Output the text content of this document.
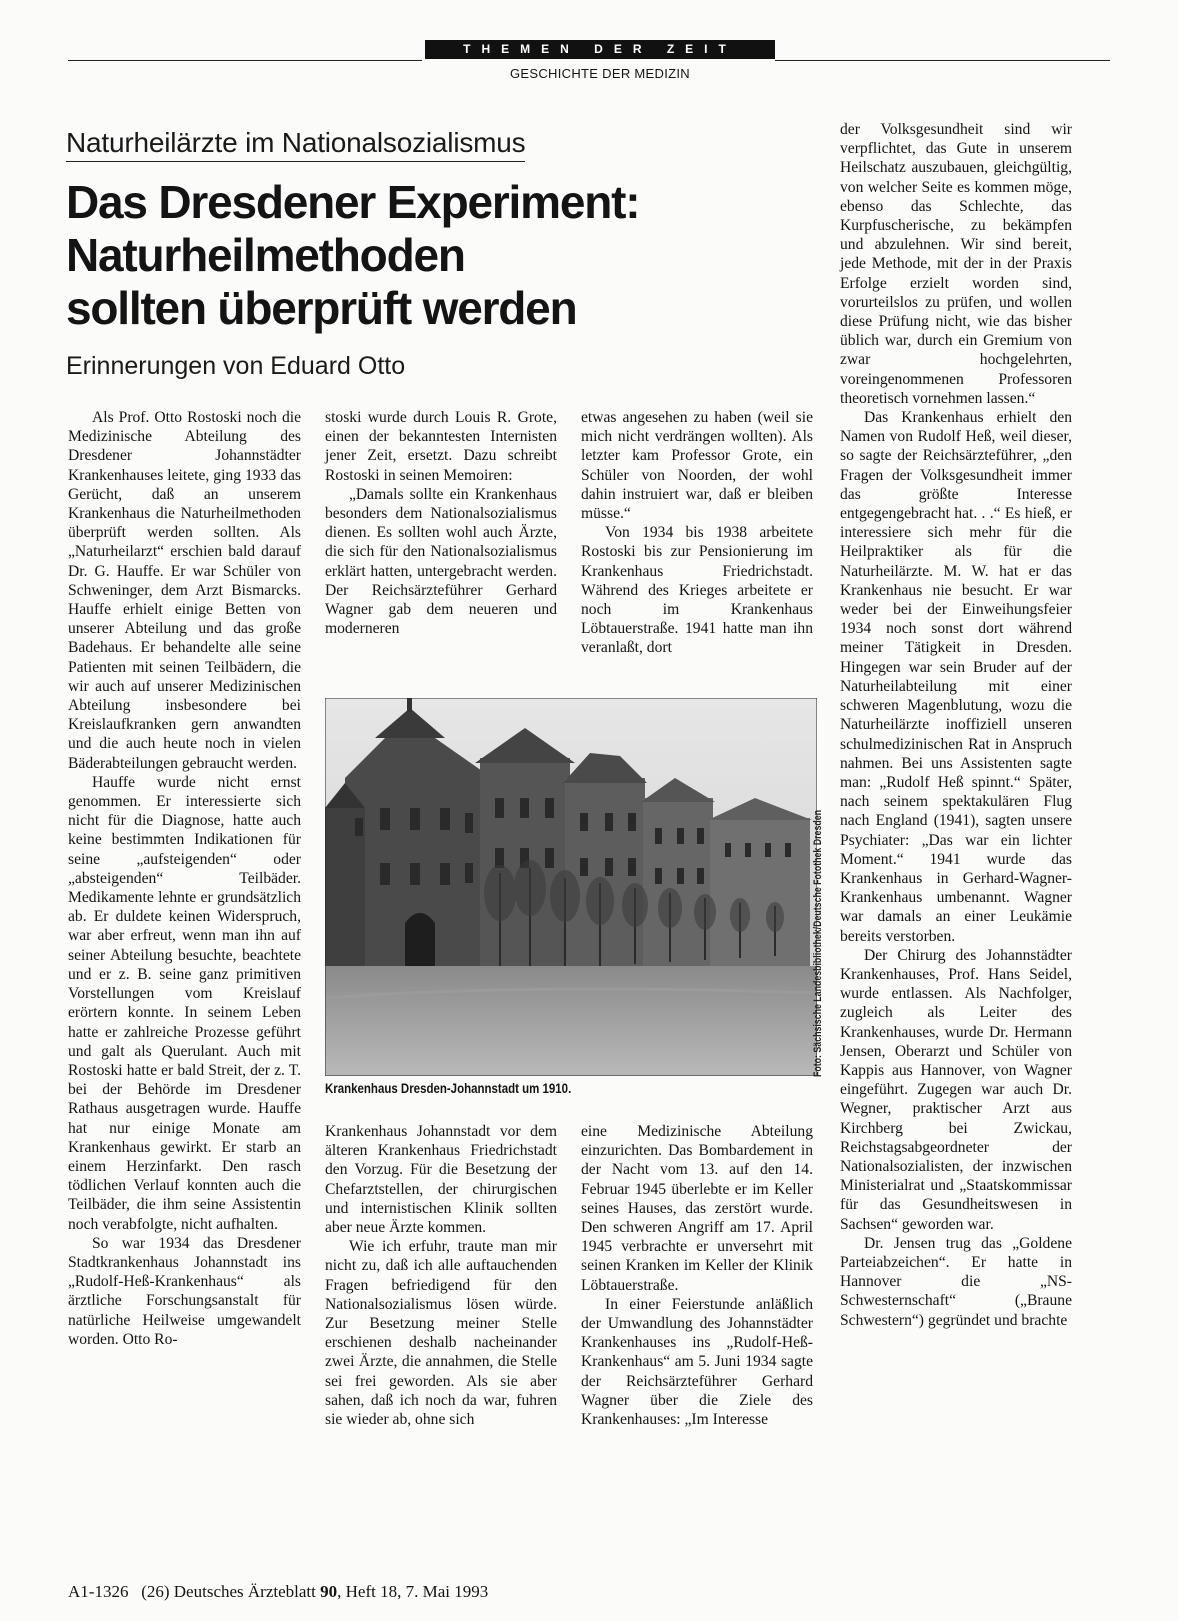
THEMEN DER ZEIT
GESCHICHTE DER MEDIZIN
Naturheilärzte im Nationalsozialismus
Das Dresdener Experiment:
Naturheilmethoden
sollten überprüft werden
Erinnerungen von Eduard Otto

Als Prof. Otto Rostoski noch die Medizinische Abteilung des Dresdener Johannstädter Krankenhauses leitete, ging 1933 das Gerücht, daß an unserem Krankenhaus die Naturheilmethoden überprüft werden sollten. Als „Naturheilarzt“ erschien bald darauf Dr. G. Hauffe. Er war Schüler von Schweninger, dem Arzt Bismarcks. Hauffe erhielt einige Betten von unserer Abteilung und das große Badehaus. Er behandelte alle seine Patienten mit seinen Teilbädern, die wir auch auf unserer Medizinischen Abteilung insbesondere bei Kreislaufkranken gern anwandten und die auch heute noch in vielen Bäderabteilungen gebraucht werden.

Hauffe wurde nicht ernst genommen. Er interessierte sich nicht für die Diagnose, hatte auch keine bestimmten Indikationen für seine „aufsteigenden“ oder „absteigenden“ Teilbäder. Medikamente lehnte er grundsätzlich ab. Er duldete keinen Widerspruch, war aber erfreut, wenn man ihn auf seiner Abteilung besuchte, beachtete und er z. B. seine ganz primitiven Vorstellungen vom Kreislauf erörtern konnte. In seinem Leben hatte er zahlreiche Prozesse geführt und galt als Querulant. Auch mit Rostoski hatte er bald Streit, der z. T. bei der Behörde im Dresdener Rathaus ausgetragen wurde. Hauffe hat nur einige Monate am Krankenhaus gewirkt. Er starb an einem Herzinfarkt. Den rasch tödlichen Verlauf konnten auch die Teilbäder, die ihm seine Assistentin noch verabfolgte, nicht aufhalten.

So war 1934 das Dresdener Stadtkrankenhaus Johannstadt ins „Rudolf-Heß-Krankenhaus“ als ärztliche Forschungsanstalt für natürliche Heilweise umgewandelt worden. Otto Ro-

stoski wurde durch Louis R. Grote, einen der bekanntesten Internisten jener Zeit, ersetzt. Dazu schreibt Rostoski in seinen Memoiren:

„Damals sollte ein Krankenhaus besonders dem Nationalsozialismus dienen. Es sollten wohl auch Ärzte, die sich für den Nationalsozialismus erklärt hatten, untergebracht werden. Der Reichsärzteführer Gerhard Wagner gab dem neueren und moderneren

etwas angesehen zu haben (weil sie mich nicht verdrängen wollten). Als letzter kam Professor Grote, ein Schüler von Noorden, der wohl dahin instruiert war, daß er bleiben müsse.“

Von 1934 bis 1938 arbeitete Rostoski bis zur Pensionierung im Krankenhaus Friedrichstadt. Während des Krieges arbeitete er noch im Krankenhaus Löbtauerstraße. 1941 hatte man ihn veranlaßt, dort

der Volksgesundheit sind wir verpflichtet, das Gute in unserem Heilschatz auszubauen, gleichgültig, von welcher Seite es kommen möge, ebenso das Schlechte, das Kurpfuscherische, zu bekämpfen und abzulehnen. Wir sind bereit, jede Methode, mit der in der Praxis Erfolge erzielt worden sind, vorurteilslos zu prüfen, und wollen diese Prüfung nicht, wie das bisher üblich war, durch ein Gremium von zwar hochgelehrten, voreingenommenen Professoren theoretisch vornehmen lassen.“

Das Krankenhaus erhielt den Namen von Rudolf Heß, weil dieser, so sagte der Reichsärzteführer, „den Fragen der Volksgesundheit immer das größte Interesse entgegengebracht hat. . .“ Es hieß, er interessiere sich mehr für die Heilpraktiker als für die Naturheilärzte. M. W. hat er das Krankenhaus nie besucht. Er war weder bei der Einweihungsfeier 1934 noch sonst dort während meiner Tätigkeit in Dresden. Hingegen war sein Bruder auf der Naturheilabteilung mit einer schweren Magenblutung, wozu die Naturheilärzte inoffiziell unseren schulmedizinischen Rat in Anspruch nahmen. Bei uns Assistenten sagte man: „Rudolf Heß spinnt.“ Später, nach seinem spektakulären Flug nach England (1941), sagten unsere Psychiater: „Das war ein lichter Moment.“ 1941 wurde das Krankenhaus in Gerhard-Wagner-Krankenhaus umbenannt. Wagner war damals an einer Leukämie bereits verstorben.

Der Chirurg des Johannstädter Krankenhauses, Prof. Hans Seidel, wurde entlassen. Als Nachfolger, zugleich als Leiter des Krankenhauses, wurde Dr. Hermann Jensen, Oberarzt und Schüler von Kappis aus Hannover, von Wagner eingeführt. Zugegen war auch Dr. Wegner, praktischer Arzt aus Kirchberg bei Zwickau, Reichstagsabgeordneter der Nationalsozialisten, der inzwischen Ministerialrat und „Staatskommissar für das Gesundheitswesen in Sachsen“ geworden war.

Dr. Jensen trug das „Goldene Parteiabzeichen“. Er hatte in Hannover die „NS-Schwesternschaft“ („Braune Schwestern“) gegründet und brachte

Krankenhaus Dresden-Johannstadt um 1910.
Foto: Sächsische Landesbibliothek/Deutsche Fotothek Dresden

Krankenhaus Johannstadt vor dem älteren Krankenhaus Friedrichstadt den Vorzug. Für die Besetzung der Chefarztstellen, der chirurgischen und internistischen Klinik sollten aber neue Ärzte kommen.

Wie ich erfuhr, traute man mir nicht zu, daß ich alle auftauchenden Fragen befriedigend für den Nationalsozialismus lösen würde. Zur Besetzung meiner Stelle erschienen deshalb nacheinander zwei Ärzte, die annahmen, die Stelle sei frei geworden. Als sie aber sahen, daß ich noch da war, fuhren sie wieder ab, ohne sich

eine Medizinische Abteilung einzurichten. Das Bombardement in der Nacht vom 13. auf den 14. Februar 1945 überlebte er im Keller seines Hauses, das zerstört wurde. Den schweren Angriff am 17. April 1945 verbrachte er unversehrt mit seinen Kranken im Keller der Klinik Löbtauerstraße.

In einer Feierstunde anläßlich der Umwandlung des Johannstädter Krankenhauses ins „Rudolf-Heß-Krankenhaus“ am 5. Juni 1934 sagte der Reichsärzteführer Gerhard Wagner über die Ziele des Krankenhauses: „Im Interesse

A1-1326 (26) Deutsches Ärzteblatt 90, Heft 18, 7. Mai 1993
